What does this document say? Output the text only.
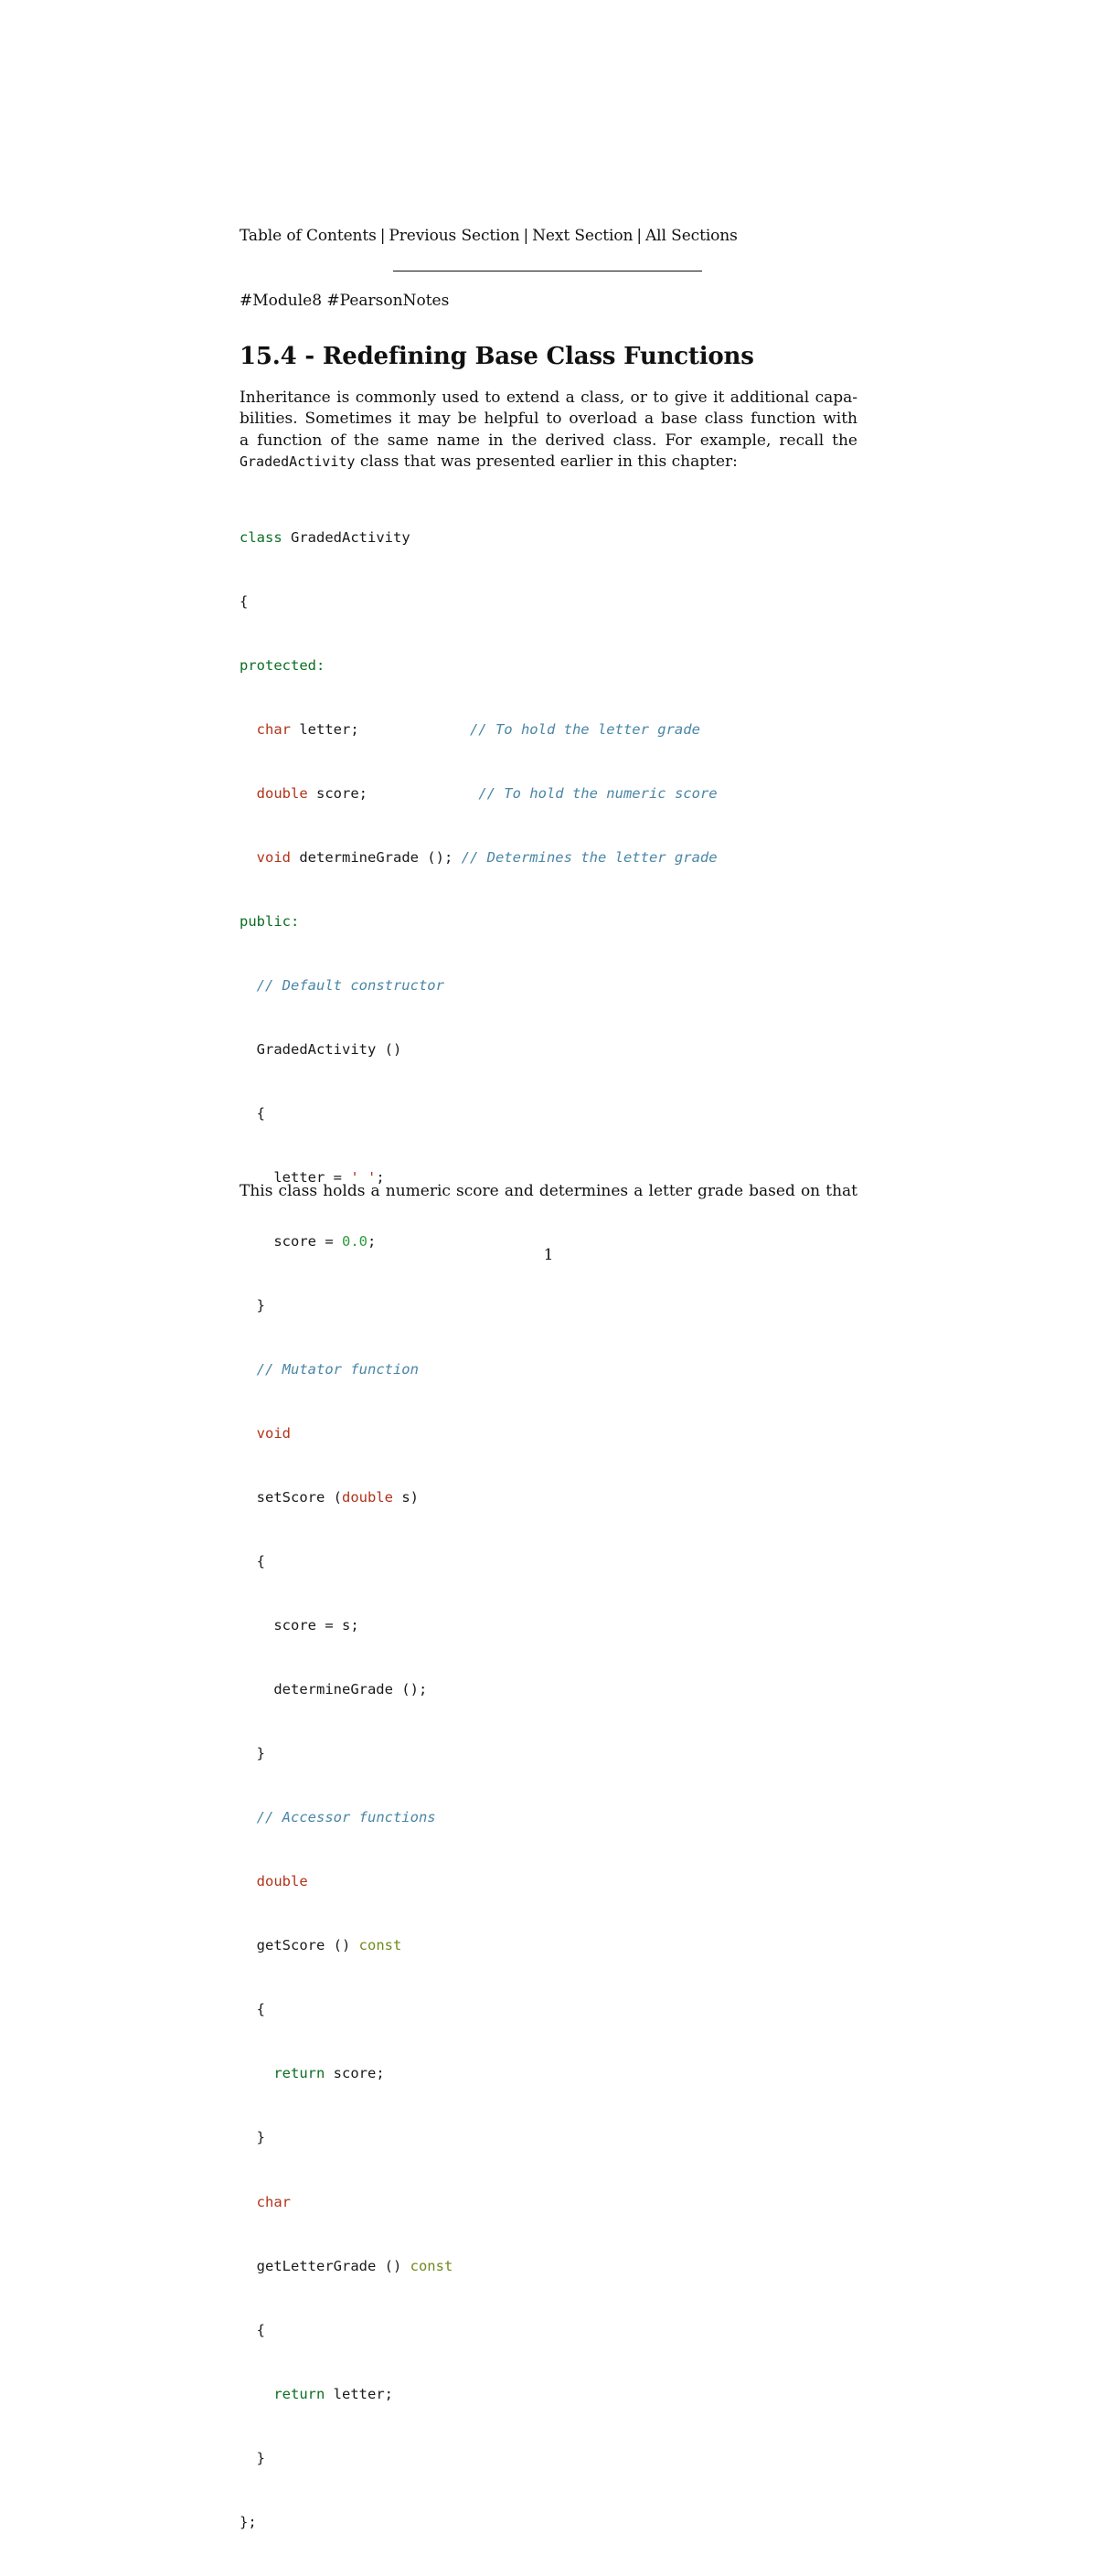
Table of Contents | Previous Section | Next Section | All Sections
#Module8 #PearsonNotes
15.4 - Redefining Base Class Functions

Inheritance is commonly used to extend a class, or to give it additional capa-
bilities. Sometimes it may be helpful to overload a base class function with
a function of the same name in the derived class. For example, recall the
GradedActivity class that was presented earlier in this chapter:

class GradedActivity

{

protected:

char letter;             // To hold the letter grade

double score;             // To hold the numeric score

void determineGrade (); // Determines the letter grade

public:

// Default constructor

GradedActivity ()

{

letter = ' ';

score = 0.0;

}

// Mutator function

void

setScore (double s)

{

score = s;

determineGrade ();

}

// Accessor functions

double

getScore () const

{

return score;

}

char

getLetterGrade () const

{

return letter;

}

};

This class holds a numeric score and determines a letter grade based on that

1
